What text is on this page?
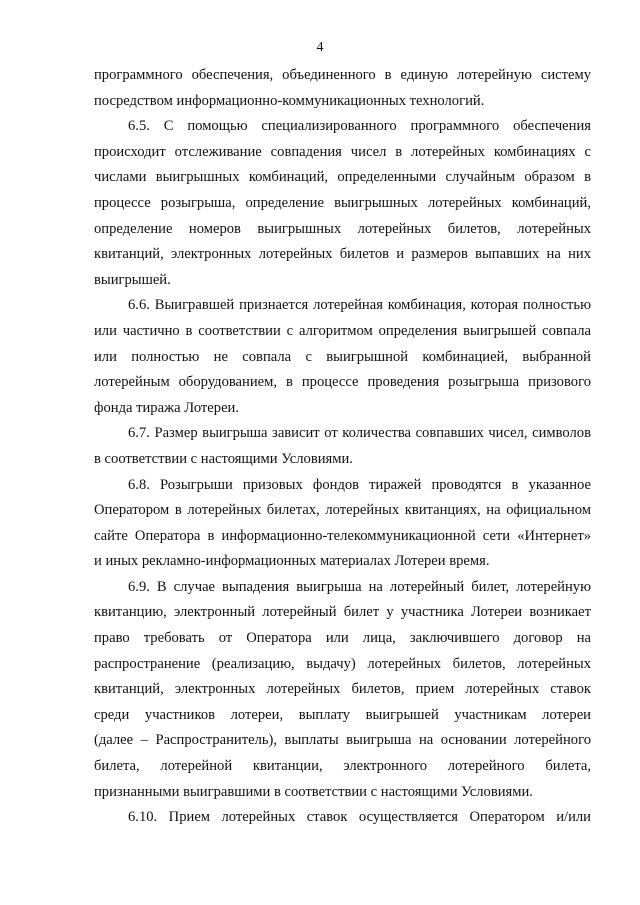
4
программного обеспечения, объединенного в единую лотерейную систему
посредством информационно-коммуникационных технологий.
6.5. С помощью специализированного программного обеспечения
происходит отслеживание совпадения чисел в лотерейных комбинациях с
числами выигрышных комбинаций, определенными случайным образом в
процессе розыгрыша, определение выигрышных лотерейных комбинаций,
определение номеров выигрышных лотерейных билетов, лотерейных
квитанций, электронных лотерейных билетов и размеров выпавших на них
выигрышей.
6.6. Выигравшей признается лотерейная комбинация, которая полностью
или частично в соответствии с алгоритмом определения выигрышей совпала
или полностью не совпала с выигрышной комбинацией, выбранной
лотерейным оборудованием, в процессе проведения розыгрыша призового
фонда тиража Лотереи.
6.7. Размер выигрыша зависит от количества совпавших чисел, символов
в соответствии с настоящими Условиями.
6.8. Розыгрыши призовых фондов тиражей проводятся в указанное
Оператором в лотерейных билетах, лотерейных квитанциях, на официальном
сайте Оператора в информационно-телекоммуникационной сети «Интернет»
и иных рекламно-информационных материалах Лотереи время.
6.9. В случае выпадения выигрыша на лотерейный билет, лотерейную
квитанцию, электронный лотерейный билет у участника Лотереи возникает
право требовать от Оператора или лица, заключившего договор на
распространение (реализацию, выдачу) лотерейных билетов, лотерейных
квитанций, электронных лотерейных билетов, прием лотерейных ставок
среди участников лотереи, выплату выигрышей участникам лотереи
(далее – Распространитель), выплаты выигрыша на основании лотерейного
билета, лотерейной квитанции, электронного лотерейного билета,
признанными выигравшими в соответствии с настоящими Условиями.
6.10. Прием лотерейных ставок осуществляется Оператором и/или
